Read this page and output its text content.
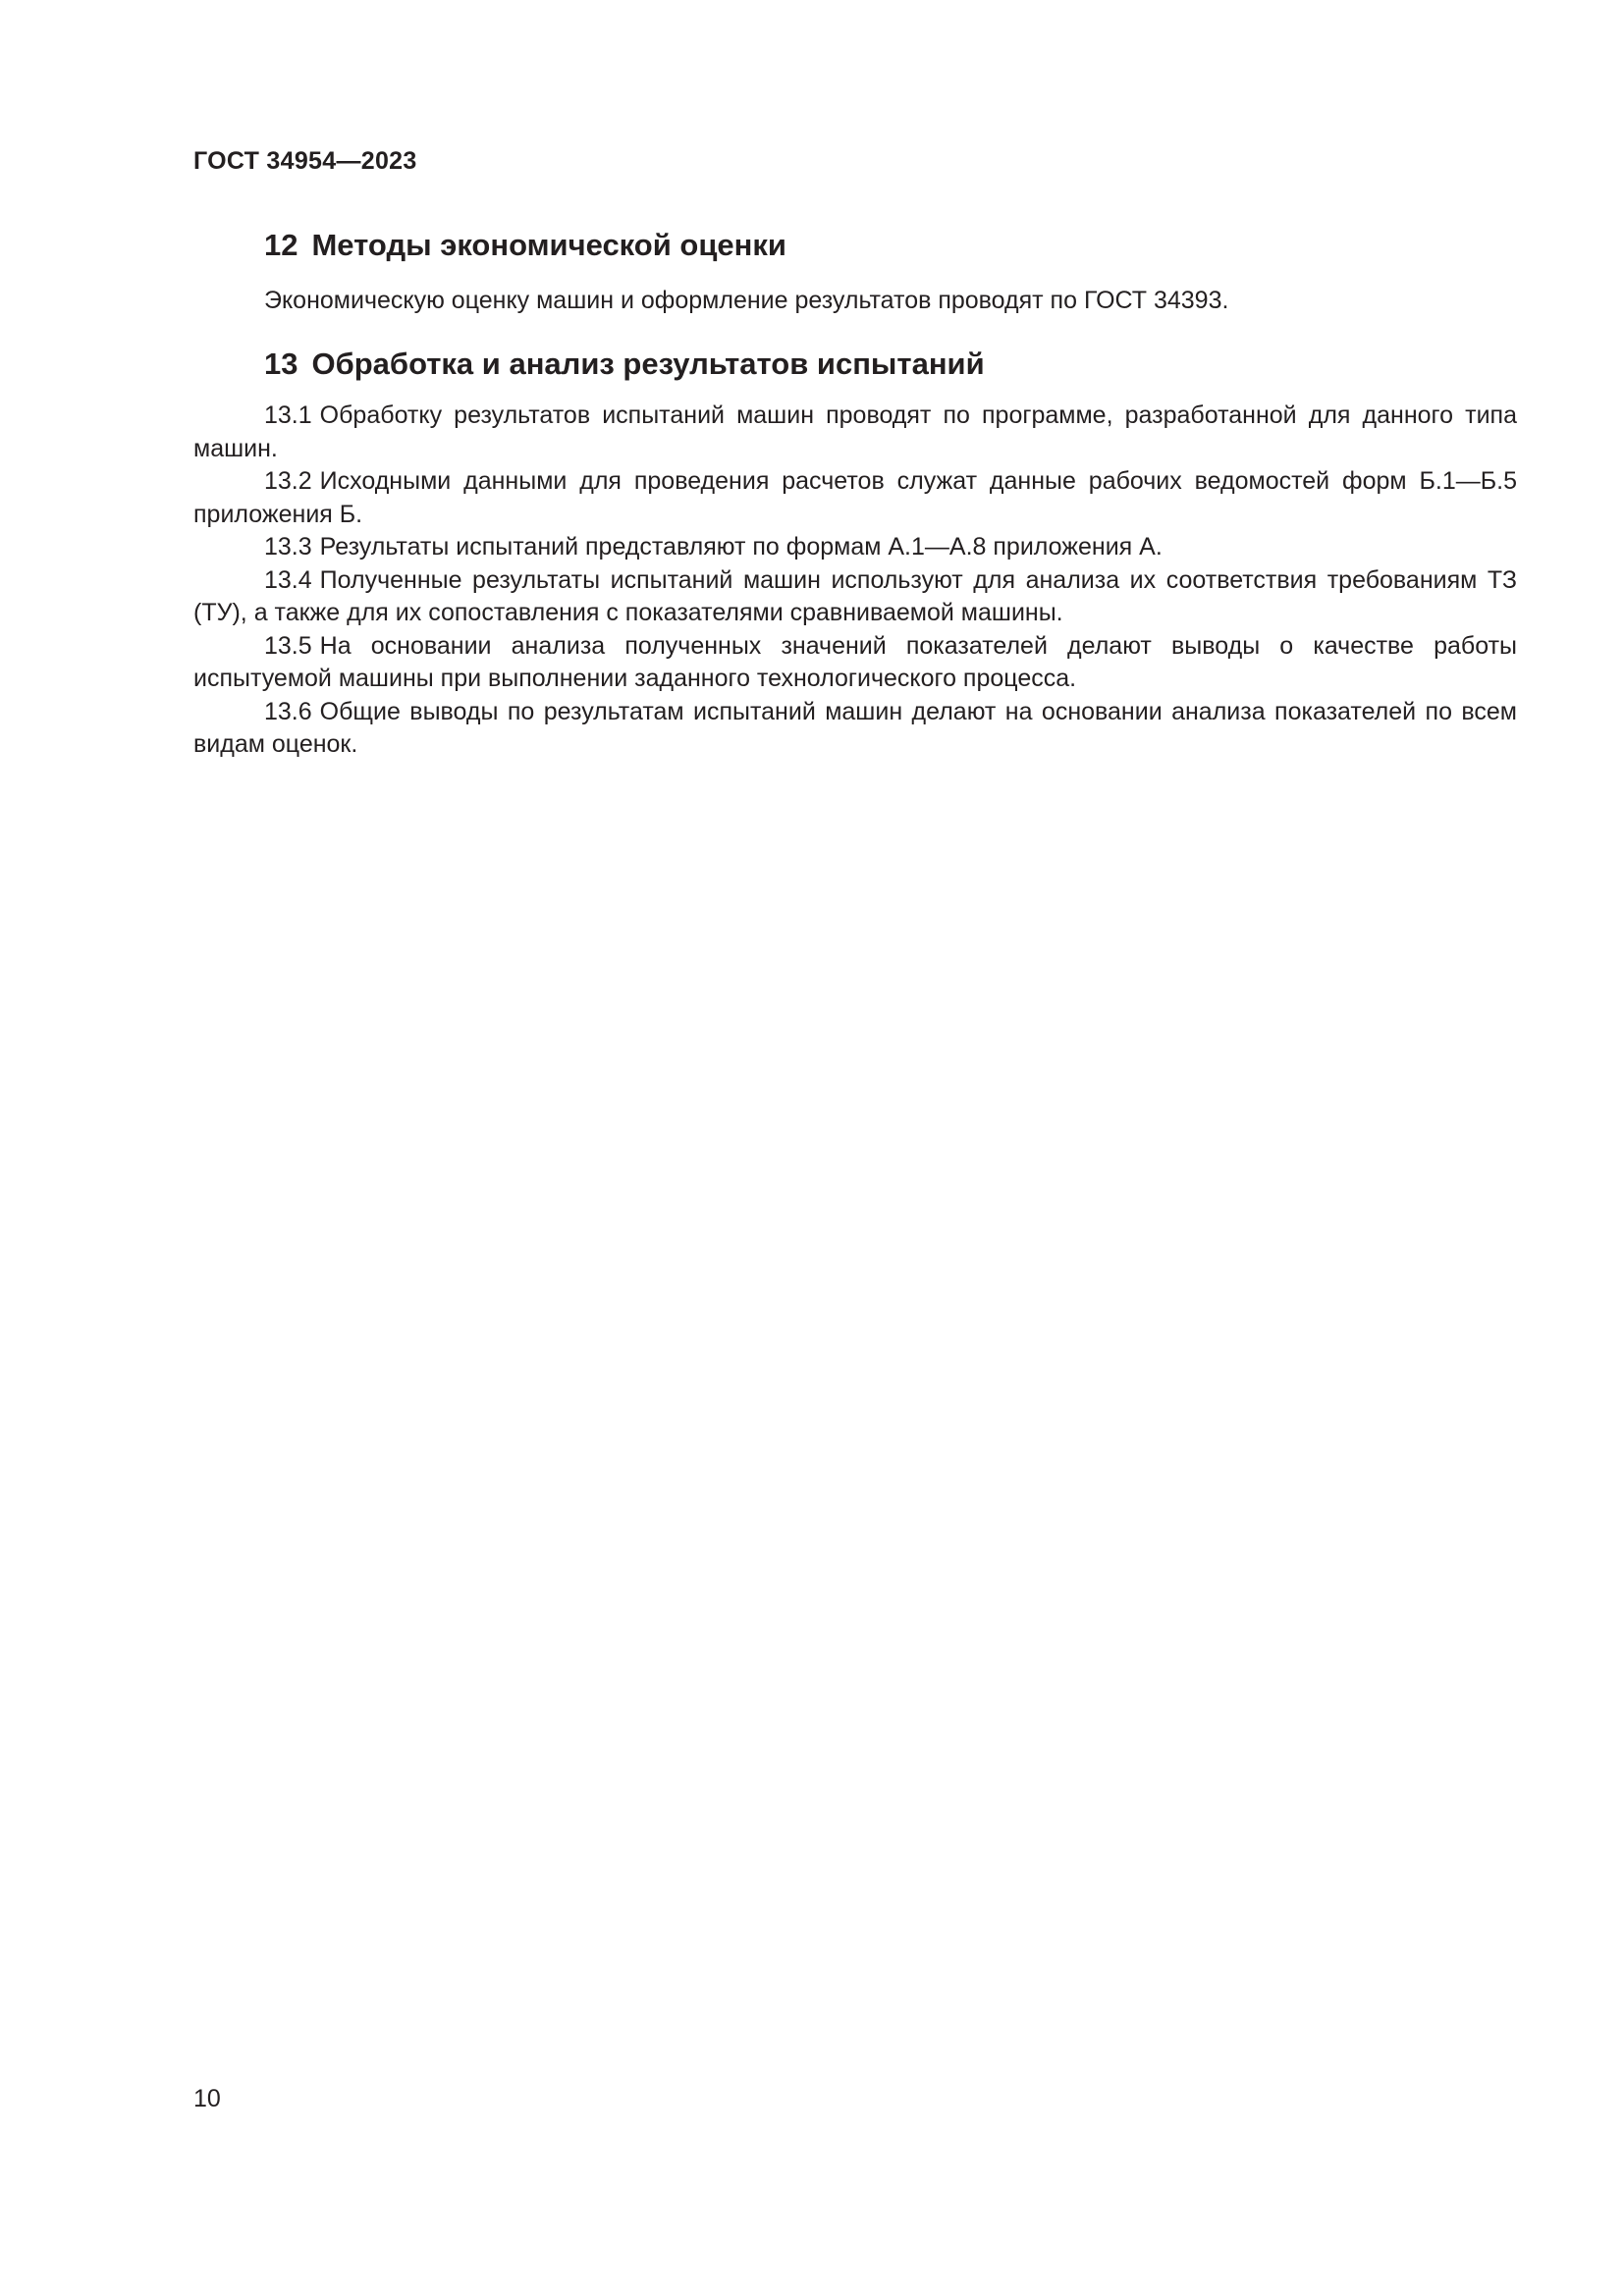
ГОСТ 34954—2023

12 Методы экономической оценки

Экономическую оценку машин и оформление результатов проводят по ГОСТ 34393.

13 Обработка и анализ результатов испытаний

13.1 Обработку результатов испытаний машин проводят по программе, разработанной для данного типа машин.

13.2 Исходными данными для проведения расчетов служат данные рабочих ведомостей форм Б.1—Б.5 приложения Б.

13.3 Результаты испытаний представляют по формам А.1—А.8 приложения А.

13.4 Полученные результаты испытаний машин используют для анализа их соответствия требованиям ТЗ (ТУ), а также для их сопоставления с показателями сравниваемой машины.

13.5 На основании анализа полученных значений показателей делают выводы о качестве работы испытуемой машины при выполнении заданного технологического процесса.

13.6 Общие выводы по результатам испытаний машин делают на основании анализа показателей по всем видам оценок.

10
